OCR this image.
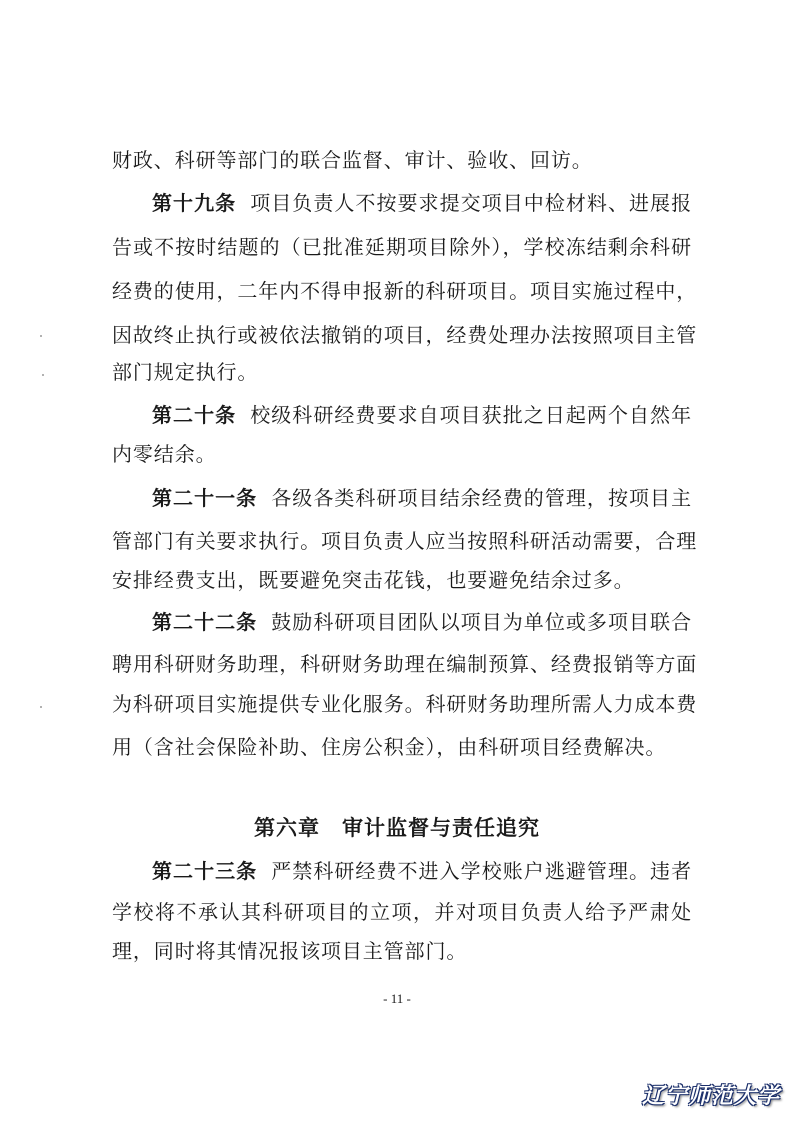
财政、科研等部门的联合监督、审计、验收、回访。
第十九条 项目负责人不按要求提交项目中检材料、进展报
告或不按时结题的（已批准延期项目除外），学校冻结剩余科研
经费的使用，二年内不得申报新的科研项目。项目实施过程中，
因故终止执行或被依法撤销的项目，经费处理办法按照项目主管
部门规定执行。
第二十条 校级科研经费要求自项目获批之日起两个自然年
内零结余。
第二十一条 各级各类科研项目结余经费的管理，按项目主
管部门有关要求执行。项目负责人应当按照科研活动需要，合理
安排经费支出，既要避免突击花钱，也要避免结余过多。
第二十二条 鼓励科研项目团队以项目为单位或多项目联合
聘用科研财务助理，科研财务助理在编制预算、经费报销等方面
为科研项目实施提供专业化服务。科研财务助理所需人力成本费
用（含社会保险补助、住房公积金），由科研项目经费解决。
第六章 审计监督与责任追究
第二十三条 严禁科研经费不进入学校账户逃避管理。违者
学校将不承认其科研项目的立项，并对项目负责人给予严肃处
理，同时将其情况报该项目主管部门。
- 11 -
辽宁师范大学
